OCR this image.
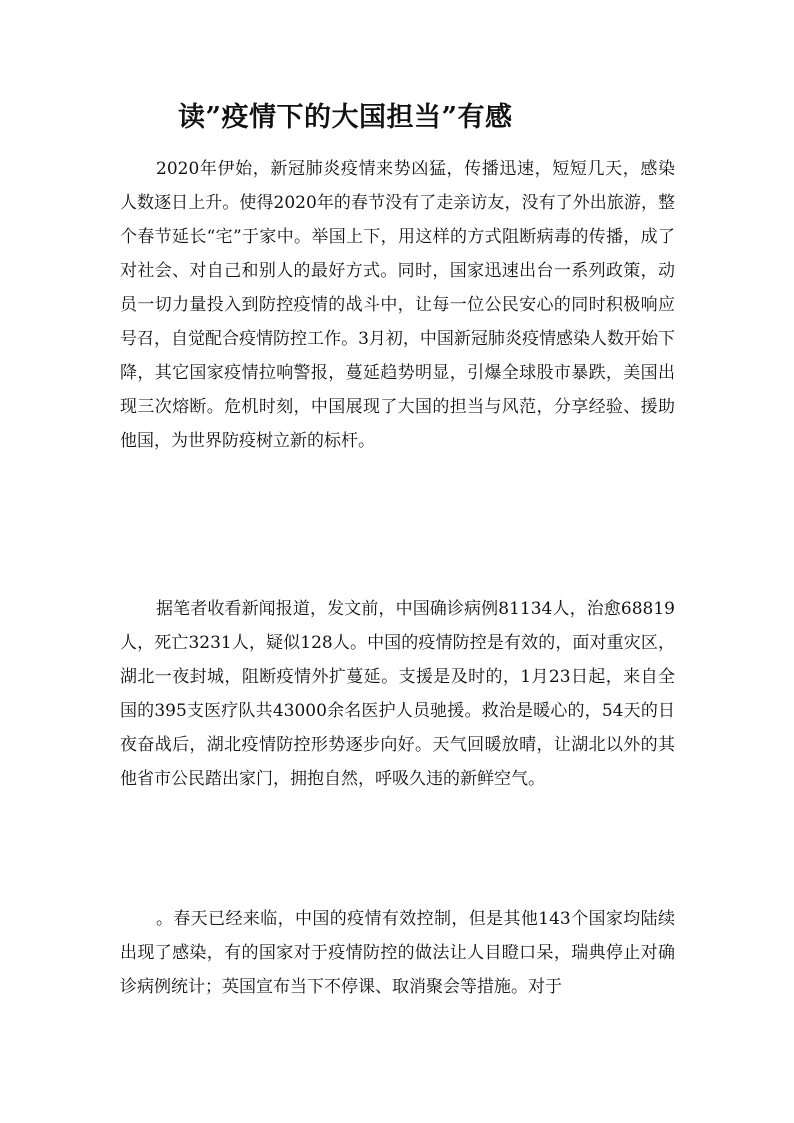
读”疫情下的大国担当”有感

2020年伊始，新冠肺炎疫情来势凶猛，传播迅速，短短几天，感染人数逐日上升。使得2020年的春节没有了走亲访友，没有了外出旅游，整个春节延长“宅”于家中。举国上下，用这样的方式阻断病毒的传播，成了对社会、对自己和别人的最好方式。同时，国家迅速出台一系列政策，动员一切力量投入到防控疫情的战斗中，让每一位公民安心的同时积极响应号召，自觉配合疫情防控工作。3月初，中国新冠肺炎疫情感染人数开始下降，其它国家疫情拉响警报，蔓延趋势明显，引爆全球股市暴跌，美国出现三次熔断。危机时刻，中国展现了大国的担当与风范，分享经验、援助他国，为世界防疫树立新的标杆。

据笔者收看新闻报道，发文前，中国确诊病例81134人，治愈68819人，死亡3231人，疑似128人。中国的疫情防控是有效的，面对重灾区，湖北一夜封城，阻断疫情外扩蔓延。支援是及时的，1月23日起，来自全国的395支医疗队共43000余名医护人员驰援。救治是暖心的，54天的日夜奋战后，湖北疫情防控形势逐步向好。天气回暖放晴，让湖北以外的其他省市公民踏出家门，拥抱自然，呼吸久违的新鲜空气。

。春天已经来临，中国的疫情有效控制，但是其他143个国家均陆续出现了感染，有的国家对于疫情防控的做法让人目瞪口呆，瑞典停止对确诊病例统计；英国宣布当下不停课、取消聚会等措施。对于
